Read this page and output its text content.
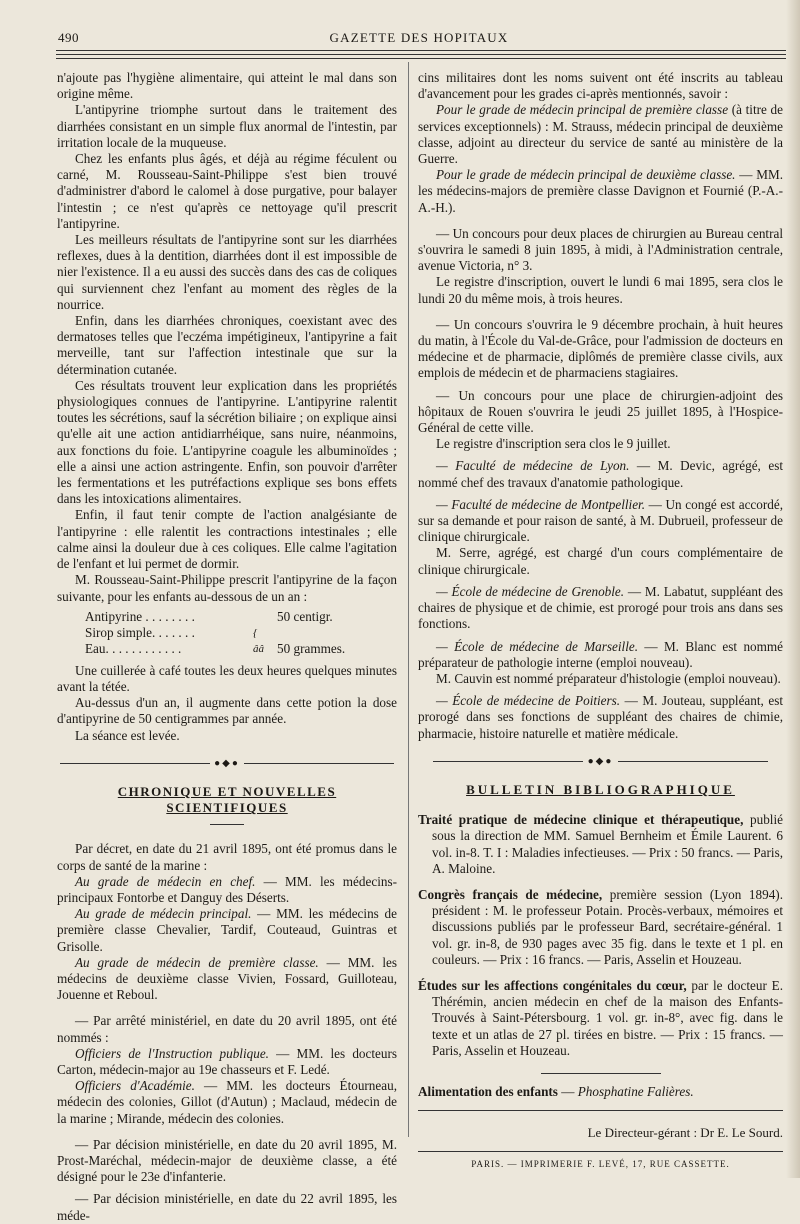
490	GAZETTE DES HOPITAUX

n'ajoute pas l'hygiène alimentaire, qui atteint le mal dans son origine même.

L'antipyrine triomphe surtout dans le traitement des diarrhées consistant en un simple flux anormal de l'intestin, par irritation locale de la muqueuse.

Chez les enfants plus âgés, et déjà au régime féculent ou carné, M. Rousseau-Saint-Philippe s'est bien trouvé d'administrer d'abord le calomel à dose purgative, pour balayer l'intestin ; ce n'est qu'après ce nettoyage qu'il prescrit l'antipyrine.

Les meilleurs résultats de l'antipyrine sont sur les diarrhées reflexes, dues à la dentition, diarrhées dont il est impossible de nier l'existence. Il a eu aussi des succès dans des cas de coliques qui surviennent chez l'enfant au moment des règles de la nourrice.

Enfin, dans les diarrhées chroniques, coexistant avec des dermatoses telles que l'eczéma impétigineux, l'antipyrine a fait merveille, tant sur l'affection intestinale que sur la détermination cutanée.

Ces résultats trouvent leur explication dans les propriétés physiologiques connues de l'antipyrine. L'antipyrine ralentit toutes les sécrétions, sauf la sécrétion biliaire ; on explique ainsi qu'elle ait une action antidiarrhéique, sans nuire, néanmoins, aux fonctions du foie. L'antipyrine coagule les albuminoïdes ; elle a ainsi une action astringente. Enfin, son pouvoir d'arrêter les fermentations et les putréfactions explique ses bons effets dans les intoxications alimentaires.

Enfin, il faut tenir compte de l'action analgésiante de l'antipyrine : elle ralentit les contractions intestinales ; elle calme ainsi la douleur due à ces coliques. Elle calme l'agitation de l'enfant et lui permet de dormir.

M. Rousseau-Saint-Philippe prescrit l'antipyrine de la façon suivante, pour les enfants au-dessous de un an :

Antipyrine . . . . . . . .	50 centigr.
Sirop simple. . . . . . .	{
Eau. . . . . . . . . . . .	ââ 50 grammes.

Une cuillerée à café toutes les deux heures quelques minutes avant la tétée.

Au-dessus d'un an, il augmente dans cette potion la dose d'antipyrine de 50 centigrammes par année.

La séance est levée.

●◆●
CHRONIQUE ET NOUVELLES SCIENTIFIQUES

Par décret, en date du 21 avril 1895, ont été promus dans le corps de santé de la marine :

Au grade de médecin en chef. — MM. les médecins-principaux Fontorbe et Danguy des Déserts.

Au grade de médecin principal. — MM. les médecins de première classe Chevalier, Tardif, Couteaud, Guintras et Grisolle.

Au grade de médecin de première classe. — MM. les médecins de deuxième classe Vivien, Fossard, Guilloteau, Jouenne et Reboul.

— Par arrêté ministériel, en date du 20 avril 1895, ont été nommés :

Officiers de l'Instruction publique. — MM. les docteurs Carton, médecin-major au 19e chasseurs et F. Ledé.

Officiers d'Académie. — MM. les docteurs Étourneau, médecin des colonies, Gillot (d'Autun) ; Maclaud, médecin de la marine ; Mirande, médecin des colonies.

— Par décision ministérielle, en date du 20 avril 1895, M. Prost-Maréchal, médecin-major de deuxième classe, a été désigné pour le 23e d'infanterie.

— Par décision ministérielle, en date du 22 avril 1895, les méde-

cins militaires dont les noms suivent ont été inscrits au tableau d'avancement pour les grades ci-après mentionnés, savoir :

Pour le grade de médecin principal de première classe (à titre de services exceptionnels) : M. Strauss, médecin principal de deuxième classe, adjoint au directeur du service de santé au ministère de la Guerre.

Pour le grade de médecin principal de deuxième classe. — MM. les médecins-majors de première classe Davignon et Fournié (P.-A.-A.-H.).

— Un concours pour deux places de chirurgien au Bureau central s'ouvrira le samedi 8 juin 1895, à midi, à l'Administration centrale, avenue Victoria, n° 3.

Le registre d'inscription, ouvert le lundi 6 mai 1895, sera clos le lundi 20 du même mois, à trois heures.

— Un concours s'ouvrira le 9 décembre prochain, à huit heures du matin, à l'École du Val-de-Grâce, pour l'admission de docteurs en médecine et de pharmacie, diplômés de première classe civils, aux emplois de médecin et de pharmaciens stagiaires.

— Un concours pour une place de chirurgien-adjoint des hôpitaux de Rouen s'ouvrira le jeudi 25 juillet 1895, à l'Hospice-Général de cette ville.

Le registre d'inscription sera clos le 9 juillet.

— Faculté de médecine de Lyon. — M. Devic, agrégé, est nommé chef des travaux d'anatomie pathologique.

— Faculté de médecine de Montpellier. — Un congé est accordé, sur sa demande et pour raison de santé, à M. Dubrueil, professeur de clinique chirurgicale.

M. Serre, agrégé, est chargé d'un cours complémentaire de clinique chirurgicale.

— École de médecine de Grenoble. — M. Labatut, suppléant des chaires de physique et de chimie, est prorogé pour trois ans dans ses fonctions.

— École de médecine de Marseille. — M. Blanc est nommé préparateur de pathologie interne (emploi nouveau).

M. Cauvin est nommé préparateur d'histologie (emploi nouveau).

— École de médecine de Poitiers. — M. Jouteau, suppléant, est prorogé dans ses fonctions de suppléant des chaires de chimie, pharmacie, histoire naturelle et matière médicale.

●◆●
BULLETIN BIBLIOGRAPHIQUE

Traité pratique de médecine clinique et thérapeutique, publié sous la direction de MM. Samuel Bernheim et Émile Laurent. 6 vol. in-8. T. I : Maladies infectieuses. — Prix : 50 francs. — Paris, A. Maloine.

Congrès français de médecine, première session (Lyon 1894). président : M. le professeur Potain. Procès-verbaux, mémoires et discussions publiés par le professeur Bard, secrétaire-général. 1 vol. gr. in-8, de 930 pages avec 35 fig. dans le texte et 1 pl. en couleurs. — Prix : 16 francs. — Paris, Asselin et Houzeau.

Études sur les affections congénitales du cœur, par le docteur E. Thérémin, ancien médecin en chef de la maison des Enfants-Trouvés à Saint-Pétersbourg. 1 vol. gr. in-8°, avec fig. dans le texte et un atlas de 27 pl. tirées en bistre. — Prix : 15 francs. — Paris, Asselin et Houzeau.

Alimentation des enfants — Phosphatine Falières.

Le Directeur-gérant : Dr E. Le Sourd.
PARIS. — IMPRIMERIE F. LEVÉ, 17, RUE CASSETTE.
